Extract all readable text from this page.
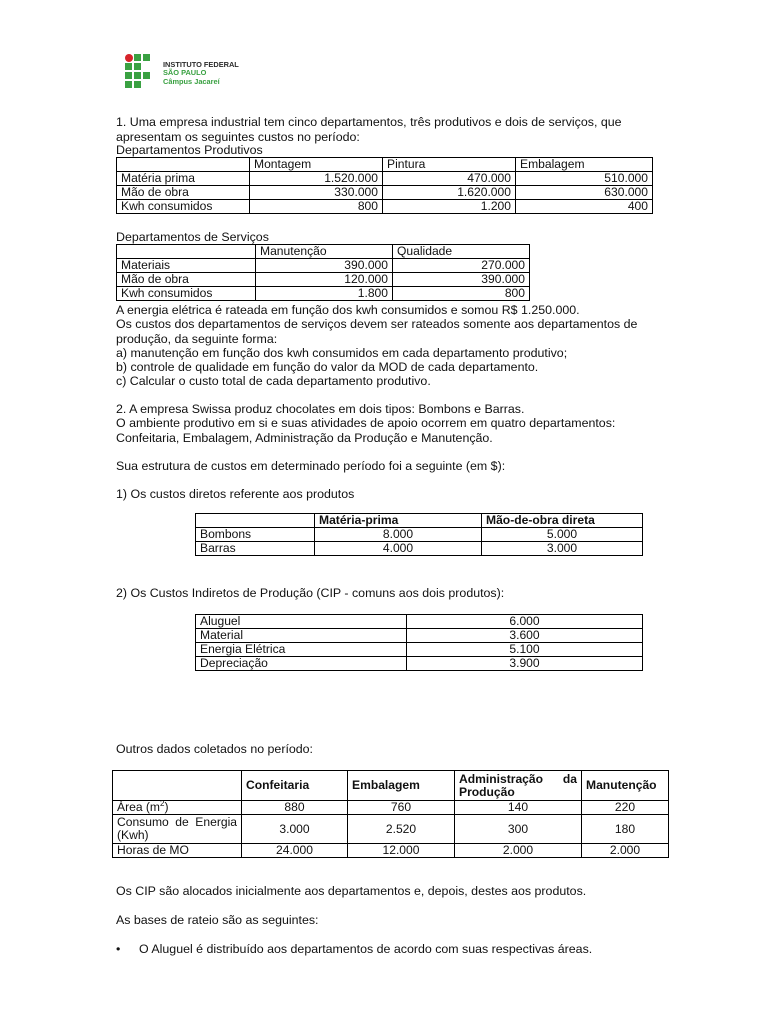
INSTITUTO FEDERAL
SÃO PAULO
Câmpus Jacareí
1. Uma empresa industrial tem cinco departamentos, três produtivos e dois de serviços, que apresentam os seguintes custos no período:
Departamentos Produtivos
	Montagem	Pintura	Embalagem
Matéria prima	1.520.000	470.000	510.000
Mão de obra	330.000	1.620.000	630.000
Kwh consumidos	800	1.200	400
Departamentos de Serviços
	Manutenção	Qualidade
Materiais	390.000	270.000
Mão de obra	120.000	390.000
Kwh consumidos	1.800	800
A energia elétrica é rateada em função dos kwh consumidos e somou R$ 1.250.000.
Os custos dos departamentos de serviços devem ser rateados somente aos departamentos de produção, da seguinte forma:
a) manutenção em função dos kwh consumidos em cada departamento produtivo;
b) controle de qualidade em função do valor da MOD de cada departamento.
c) Calcular o custo total de cada departamento produtivo.
2. A empresa Swissa produz chocolates em dois tipos: Bombons e Barras.
O ambiente produtivo em si e suas atividades de apoio ocorrem em quatro departamentos: Confeitaria, Embalagem, Administração da Produção e Manutenção.
Sua estrutura de custos em determinado período foi a seguinte (em $):
1) Os custos diretos referente aos produtos
	Matéria-prima	Mão-de-obra direta
Bombons	8.000	5.000
Barras	4.000	3.000
2) Os Custos Indiretos de Produção (CIP - comuns aos dois produtos):
Aluguel	6.000
Material	3.600
Energia Elétrica	5.100
Depreciação	3.900
Outros dados coletados no período:
	Confeitaria	Embalagem	Administração da Produção	Manutenção
Área $(m^2)$	880	760	140	220
Consumo de Energia (Kwh)	3.000	2.520	300	180
Horas de MO	24.000	12.000	2.000	2.000
Os CIP são alocados inicialmente aos departamentos e, depois, destes aos produtos.
As bases de rateio são as seguintes:
• O Aluguel é distribuído aos departamentos de acordo com suas respectivas áreas.
